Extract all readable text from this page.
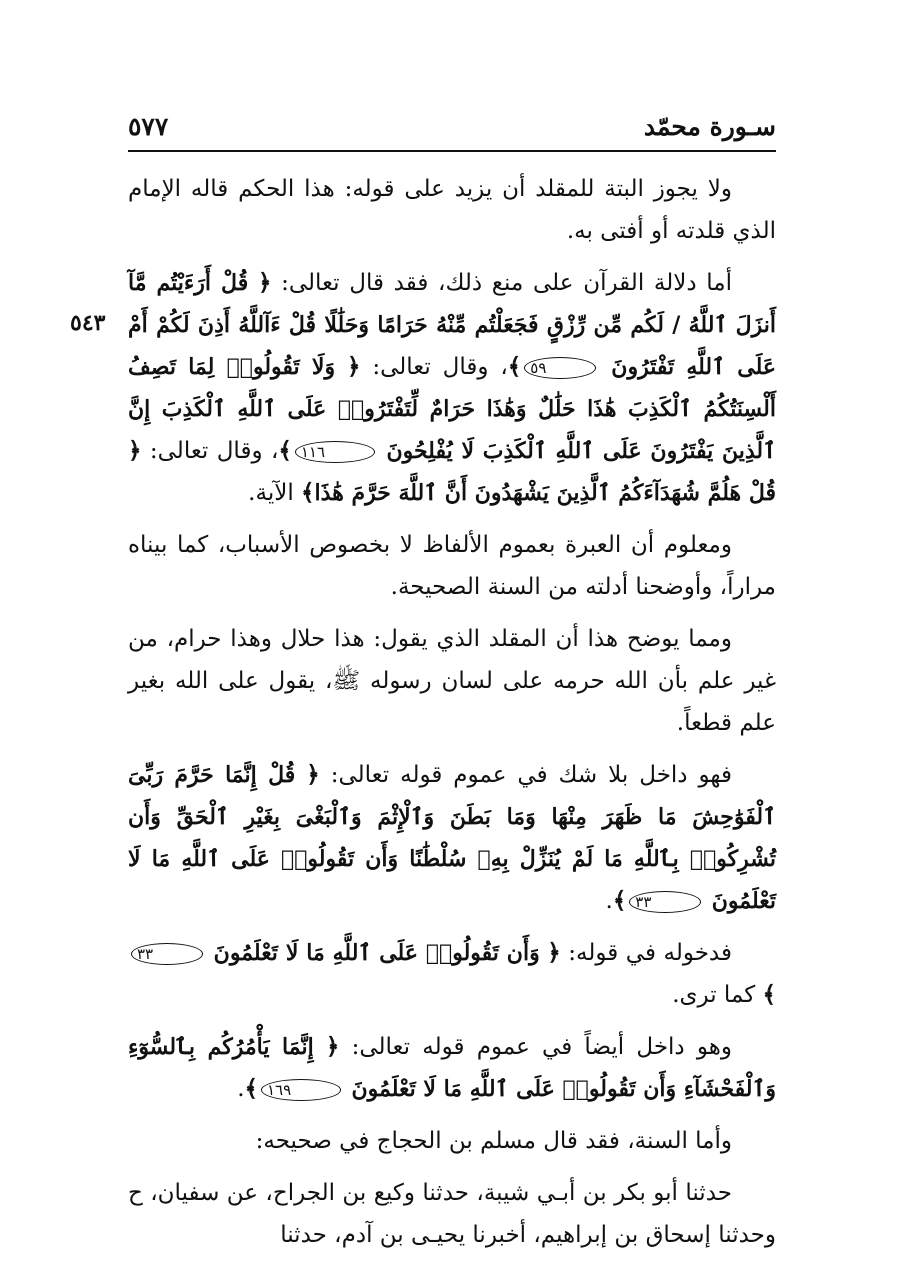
سـورة محمّد
٥٧٧
٥٤٣

ولا يجوز البتة للمقلد أن يزيد على قوله: هذا الحكم قاله الإمام الذي قلدته أو أفتى به.

أما دلالة القرآن على منع ذلك، فقد قال تعالى: ﴿ قُلْ أَرَءَيْتُم مَّآ أَنزَلَ ٱللَّهُ / لَكُم مِّن رِّزْقٍ فَجَعَلْتُم مِّنْهُ حَرَامًا وَحَلَٰلًا قُلْ ءَآللَّهُ أَذِنَ لَكُمْ أَمْ عَلَى ٱللَّهِ تَفْتَرُونَ ٥٩﴾، وقال تعالى: ﴿ وَلَا تَقُولُوا۟ لِمَا تَصِفُ أَلْسِنَتُكُمُ ٱلْكَذِبَ هَٰذَا حَلَٰلٌ وَهَٰذَا حَرَامٌ لِّتَفْتَرُوا۟ عَلَى ٱللَّهِ ٱلْكَذِبَ إِنَّ ٱلَّذِينَ يَفْتَرُونَ عَلَى ٱللَّهِ ٱلْكَذِبَ لَا يُفْلِحُونَ ١١٦﴾، وقال تعالى: ﴿ قُلْ هَلُمَّ شُهَدَآءَكُمُ ٱلَّذِينَ يَشْهَدُونَ أَنَّ ٱللَّهَ حَرَّمَ هَٰذَا﴾ الآية.

ومعلوم أن العبرة بعموم الألفاظ لا بخصوص الأسباب، كما بيناه مراراً، وأوضحنا أدلته من السنة الصحيحة.

ومما يوضح هذا أن المقلد الذي يقول: هذا حلال وهذا حرام، من غير علم بأن الله حرمه على لسان رسوله ﷺ، يقول على الله بغير علم قطعاً.

فهو داخل بلا شك في عموم قوله تعالى: ﴿ قُلْ إِنَّمَا حَرَّمَ رَبِّىَ ٱلْفَوَٰحِشَ مَا ظَهَرَ مِنْهَا وَمَا بَطَنَ وَٱلْإِثْمَ وَٱلْبَغْىَ بِغَيْرِ ٱلْحَقِّ وَأَن تُشْرِكُوا۟ بِٱللَّهِ مَا لَمْ يُنَزِّلْ بِهِۦ سُلْطَٰنًا وَأَن تَقُولُوا۟ عَلَى ٱللَّهِ مَا لَا تَعْلَمُونَ ٣٣﴾.

فدخوله في قوله: ﴿ وَأَن تَقُولُوا۟ عَلَى ٱللَّهِ مَا لَا تَعْلَمُونَ ٣٣﴾ كما ترى.

وهو داخل أيضاً في عموم قوله تعالى: ﴿ إِنَّمَا يَأْمُرُكُم بِٱلسُّوٓءِ وَٱلْفَحْشَآءِ وَأَن تَقُولُوا۟ عَلَى ٱللَّهِ مَا لَا تَعْلَمُونَ ١٦٩﴾.

وأما السنة، فقد قال مسلم بن الحجاج في صحيحه:

حدثنا أبو بكر بن أبـي شيبة، حدثنا وكيع بن الجراح، عن سفيان، ح وحدثنا إسحاق بن إبراهيم، أخبرنا يحيـى بن آدم، حدثنا
